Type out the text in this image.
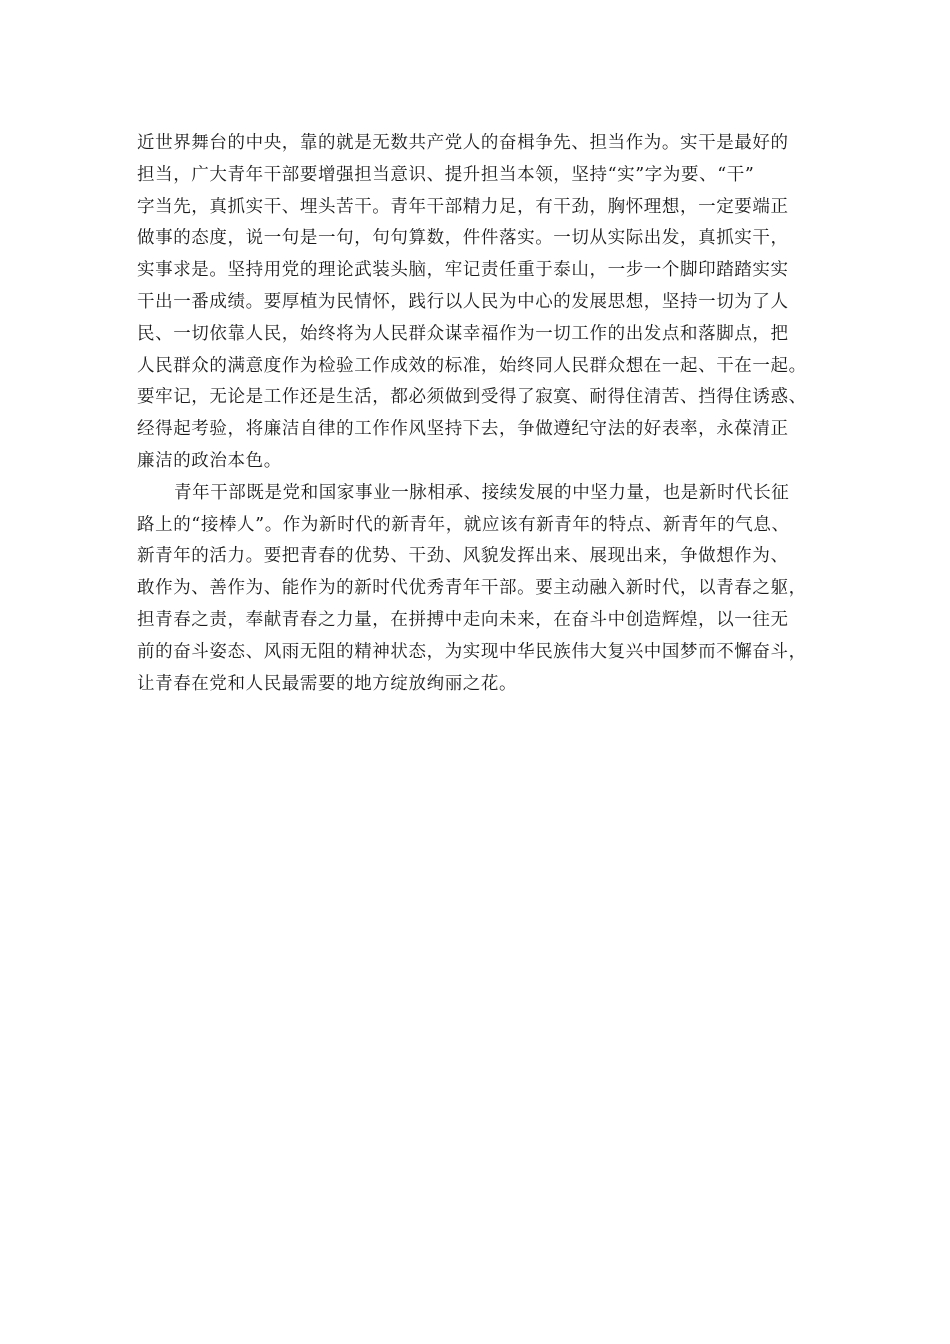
近世界舞台的中央，靠的就是无数共产党人的奋楫争先、担当作为。实干是最好的
担当，广大青年干部要增强担当意识、提升担当本领，坚持“实”字为要、“干”
字当先，真抓实干、埋头苦干。青年干部精力足，有干劲，胸怀理想，一定要端正
做事的态度，说一句是一句，句句算数，件件落实。一切从实际出发，真抓实干，
实事求是。坚持用党的理论武装头脑，牢记责任重于泰山，一步一个脚印踏踏实实
干出一番成绩。要厚植为民情怀，践行以人民为中心的发展思想，坚持一切为了人
民、一切依靠人民，始终将为人民群众谋幸福作为一切工作的出发点和落脚点，把
人民群众的满意度作为检验工作成效的标准，始终同人民群众想在一起、干在一起。
要牢记，无论是工作还是生活，都必须做到受得了寂寞、耐得住清苦、挡得住诱惑、
经得起考验，将廉洁自律的工作作风坚持下去，争做遵纪守法的好表率，永葆清正
廉洁的政治本色。
青年干部既是党和国家事业一脉相承、接续发展的中坚力量，也是新时代长征
路上的“接棒人”。作为新时代的新青年，就应该有新青年的特点、新青年的气息、
新青年的活力。要把青春的优势、干劲、风貌发挥出来、展现出来，争做想作为、
敢作为、善作为、能作为的新时代优秀青年干部。要主动融入新时代，以青春之躯，
担青春之责，奉献青春之力量，在拼搏中走向未来，在奋斗中创造辉煌，以一往无
前的奋斗姿态、风雨无阻的精神状态，为实现中华民族伟大复兴中国梦而不懈奋斗，
让青春在党和人民最需要的地方绽放绚丽之花。
